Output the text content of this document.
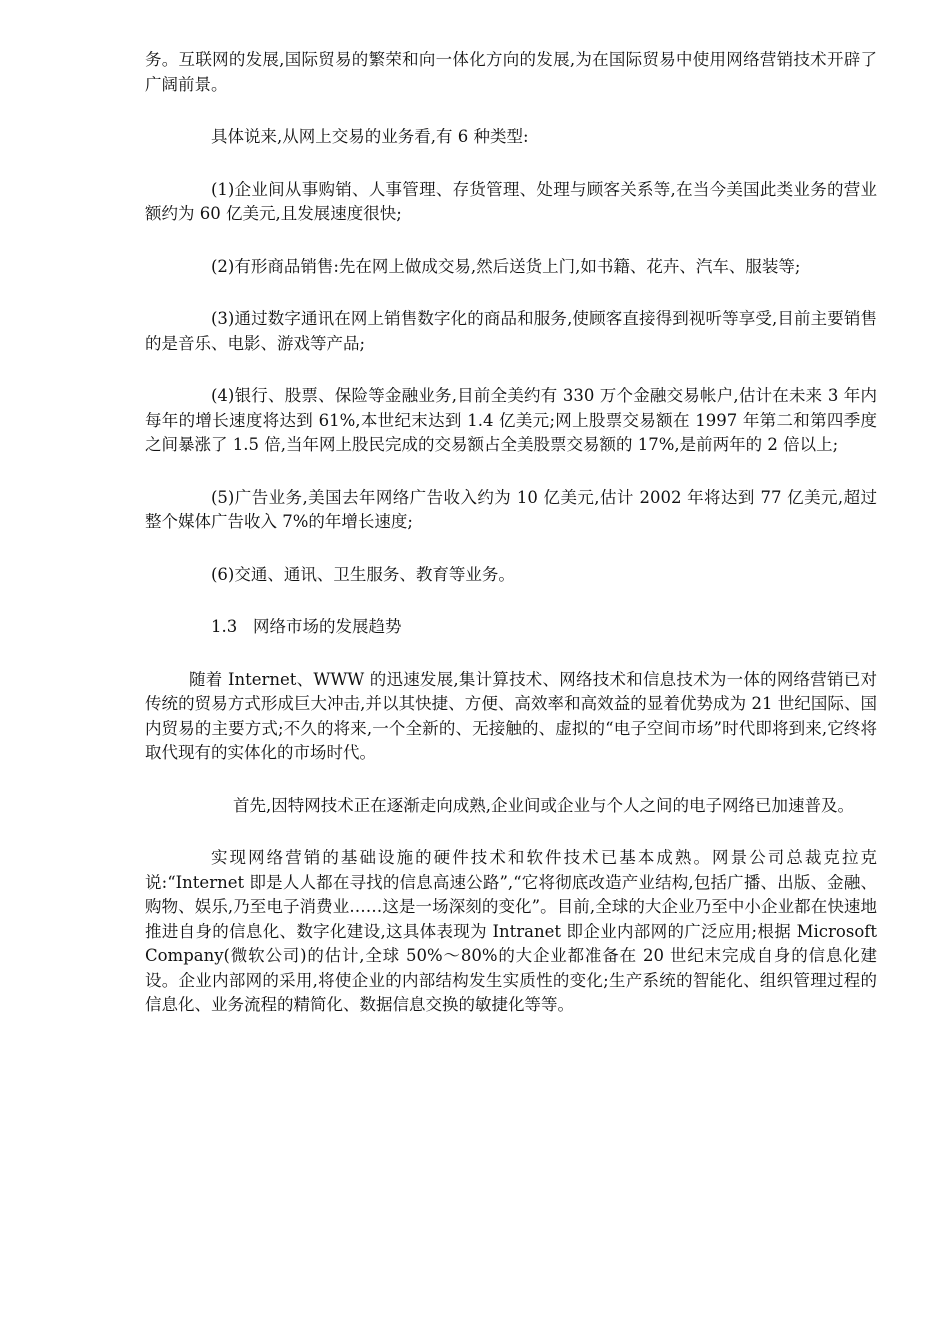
务。互联网的发展,国际贸易的繁荣和向一体化方向的发展,为在国际贸易中使用网络营销技术开辟了广阔前景。

具体说来,从网上交易的业务看,有 6 种类型:

(1)企业间从事购销、人事管理、存货管理、处理与顾客关系等,在当今美国此类业务的营业额约为 60 亿美元,且发展速度很快;

(2)有形商品销售:先在网上做成交易,然后送货上门,如书籍、花卉、汽车、服装等;

(3)通过数字通讯在网上销售数字化的商品和服务,使顾客直接得到视听等享受,目前主要销售的是音乐、电影、游戏等产品;

(4)银行、股票、保险等金融业务,目前全美约有 330 万个金融交易帐户,估计在未来 3 年内每年的增长速度将达到 61%,本世纪末达到 1.4 亿美元;网上股票交易额在 1997 年第二和第四季度之间暴涨了 1.5 倍,当年网上股民完成的交易额占全美股票交易额的 17%,是前两年的 2 倍以上;

(5)广告业务,美国去年网络广告收入约为 10 亿美元,估计 2002 年将达到 77 亿美元,超过整个媒体广告收入 7%的年增长速度;

(6)交通、通讯、卫生服务、教育等业务。

1.3 网络市场的发展趋势

随着 Internet、WWW 的迅速发展,集计算技术、网络技术和信息技术为一体的网络营销已对传统的贸易方式形成巨大冲击,并以其快捷、方便、高效率和高效益的显着优势成为 21 世纪国际、国内贸易的主要方式;不久的将来,一个全新的、无接触的、虚拟的“电子空间市场”时代即将到来,它终将取代现有的实体化的市场时代。

首先,因特网技术正在逐渐走向成熟,企业间或企业与个人之间的电子网络已加速普及。

实现网络营销的基础设施的硬件技术和软件技术已基本成熟。网景公司总裁克拉克说:“Internet 即是人人都在寻找的信息高速公路”,“它将彻底改造产业结构,包括广播、出版、金融、购物、娱乐,乃至电子消费业……这是一场深刻的变化”。目前,全球的大企业乃至中小企业都在快速地推进自身的信息化、数字化建设,这具体表现为 Intranet 即企业内部网的广泛应用;根据 Microsoft Company(微软公司)的估计,全球 50%～80%的大企业都准备在 20 世纪末完成自身的信息化建设。企业内部网的采用,将使企业的内部结构发生实质性的变化;生产系统的智能化、组织管理过程的信息化、业务流程的精简化、数据信息交换的敏捷化等等。
